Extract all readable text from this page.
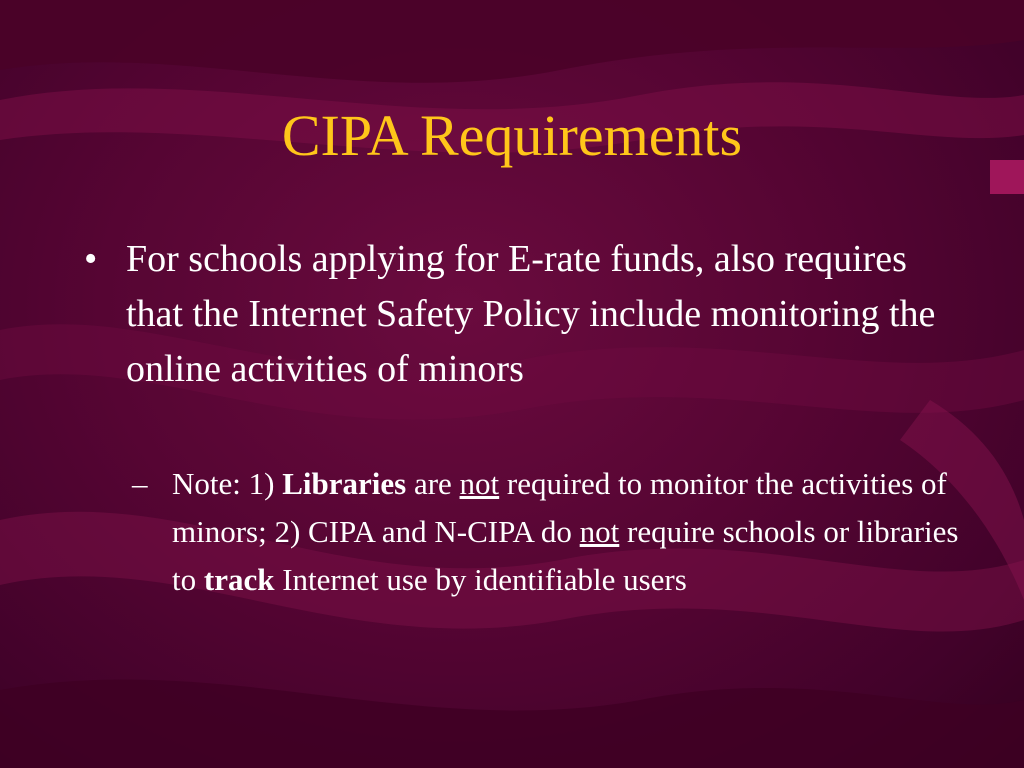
CIPA Requirements
• For schools applying for E-rate funds, also requires that the Internet Safety Policy include monitoring the online activities of minors
– Note: 1) Libraries are not required to monitor the activities of minors; 2) CIPA and N-CIPA do not require schools or libraries to track Internet use by identifiable users
